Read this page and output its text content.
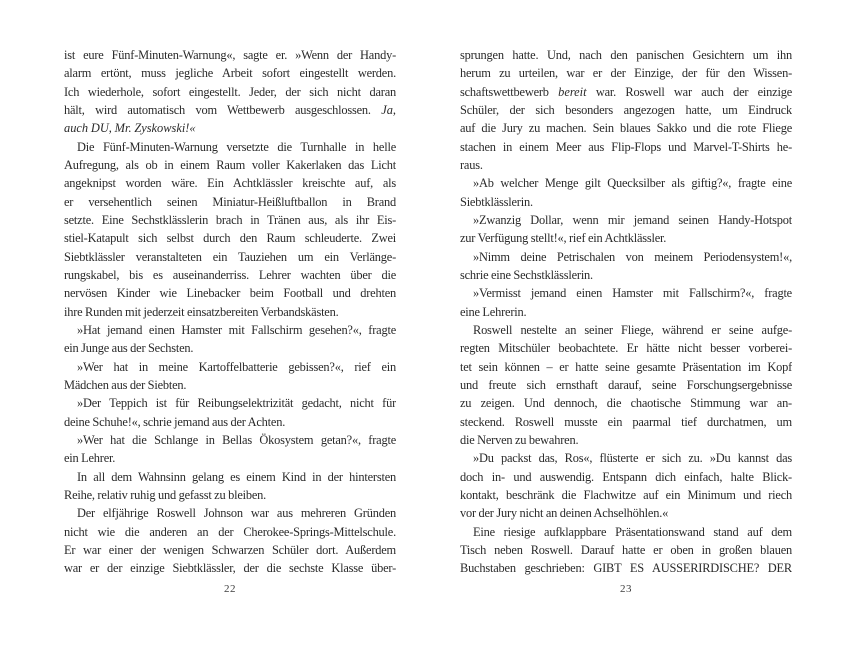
ist eure Fünf-Minuten-Warnung«, sagte er. »Wenn der Handy-
alarm ertönt, muss jegliche Arbeit sofort eingestellt werden.
Ich wiederhole, sofort eingestellt. Jeder, der sich nicht daran
hält, wird automatisch vom Wettbewerb ausgeschlossen. Ja,
auch DU, Mr. Zyskowski!«
Die Fünf-Minuten-Warnung versetzte die Turnhalle in helle
Aufregung, als ob in einem Raum voller Kakerlaken das Licht
angeknipst worden wäre. Ein Achtklässler kreischte auf, als
er versehentlich seinen Miniatur-Heißluftballon in Brand
setzte. Eine Sechstklässlerin brach in Tränen aus, als ihr Eis-
stiel-Katapult sich selbst durch den Raum schleuderte. Zwei
Siebtklässler veranstalteten ein Tauziehen um ein Verlänge-
rungskabel, bis es auseinanderriss. Lehrer wachten über die
nervösen Kinder wie Linebacker beim Football und drehten
ihre Runden mit jederzeit einsatzbereiten Verbandskästen.
»Hat jemand einen Hamster mit Fallschirm gesehen?«, fragte
ein Junge aus der Sechsten.
»Wer hat in meine Kartoffelbatterie gebissen?«, rief ein
Mädchen aus der Siebten.
»Der Teppich ist für Reibungselektrizität gedacht, nicht für
deine Schuhe!«, schrie jemand aus der Achten.
»Wer hat die Schlange in Bellas Ökosystem getan?«, fragte
ein Lehrer.
In all dem Wahnsinn gelang es einem Kind in der hintersten
Reihe, relativ ruhig und gefasst zu bleiben.
Der elfjährige Roswell Johnson war aus mehreren Gründen
nicht wie die anderen an der Cherokee-Springs-Mittelschule.
Er war einer der wenigen Schwarzen Schüler dort. Außerdem
war er der einzige Siebtklässler, der die sechste Klasse über-
sprungen hatte. Und, nach den panischen Gesichtern um ihn
herum zu urteilen, war er der Einzige, der für den Wissen-
schaftswettbewerb bereit war. Roswell war auch der einzige
Schüler, der sich besonders angezogen hatte, um Eindruck
auf die Jury zu machen. Sein blaues Sakko und die rote Fliege
stachen in einem Meer aus Flip-Flops und Marvel-T-Shirts he-
raus.
»Ab welcher Menge gilt Quecksilber als giftig?«, fragte eine
Siebtklässlerin.
»Zwanzig Dollar, wenn mir jemand seinen Handy-Hotspot
zur Verfügung stellt!«, rief ein Achtklässler.
»Nimm deine Petrischalen von meinem Periodensystem!«,
schrie eine Sechstklässlerin.
»Vermisst jemand einen Hamster mit Fallschirm?«, fragte
eine Lehrerin.
Roswell nestelte an seiner Fliege, während er seine aufge-
regten Mitschüler beobachtete. Er hätte nicht besser vorberei-
tet sein können – er hatte seine gesamte Präsentation im Kopf
und freute sich ernsthaft darauf, seine Forschungsergebnisse
zu zeigen. Und dennoch, die chaotische Stimmung war an-
steckend. Roswell musste ein paarmal tief durchatmen, um
die Nerven zu bewahren.
»Du packst das, Ros«, flüsterte er sich zu. »Du kannst das
doch in- und auswendig. Entspann dich einfach, halte Blick-
kontakt, beschränk die Flachwitze auf ein Minimum und riech
vor der Jury nicht an deinen Achselhöhlen.«
Eine riesige aufklappbare Präsentationswand stand auf dem
Tisch neben Roswell. Darauf hatte er oben in großen blauen
Buchstaben geschrieben: GIBT ES AUSSERIRDISCHE? DER
22	23
